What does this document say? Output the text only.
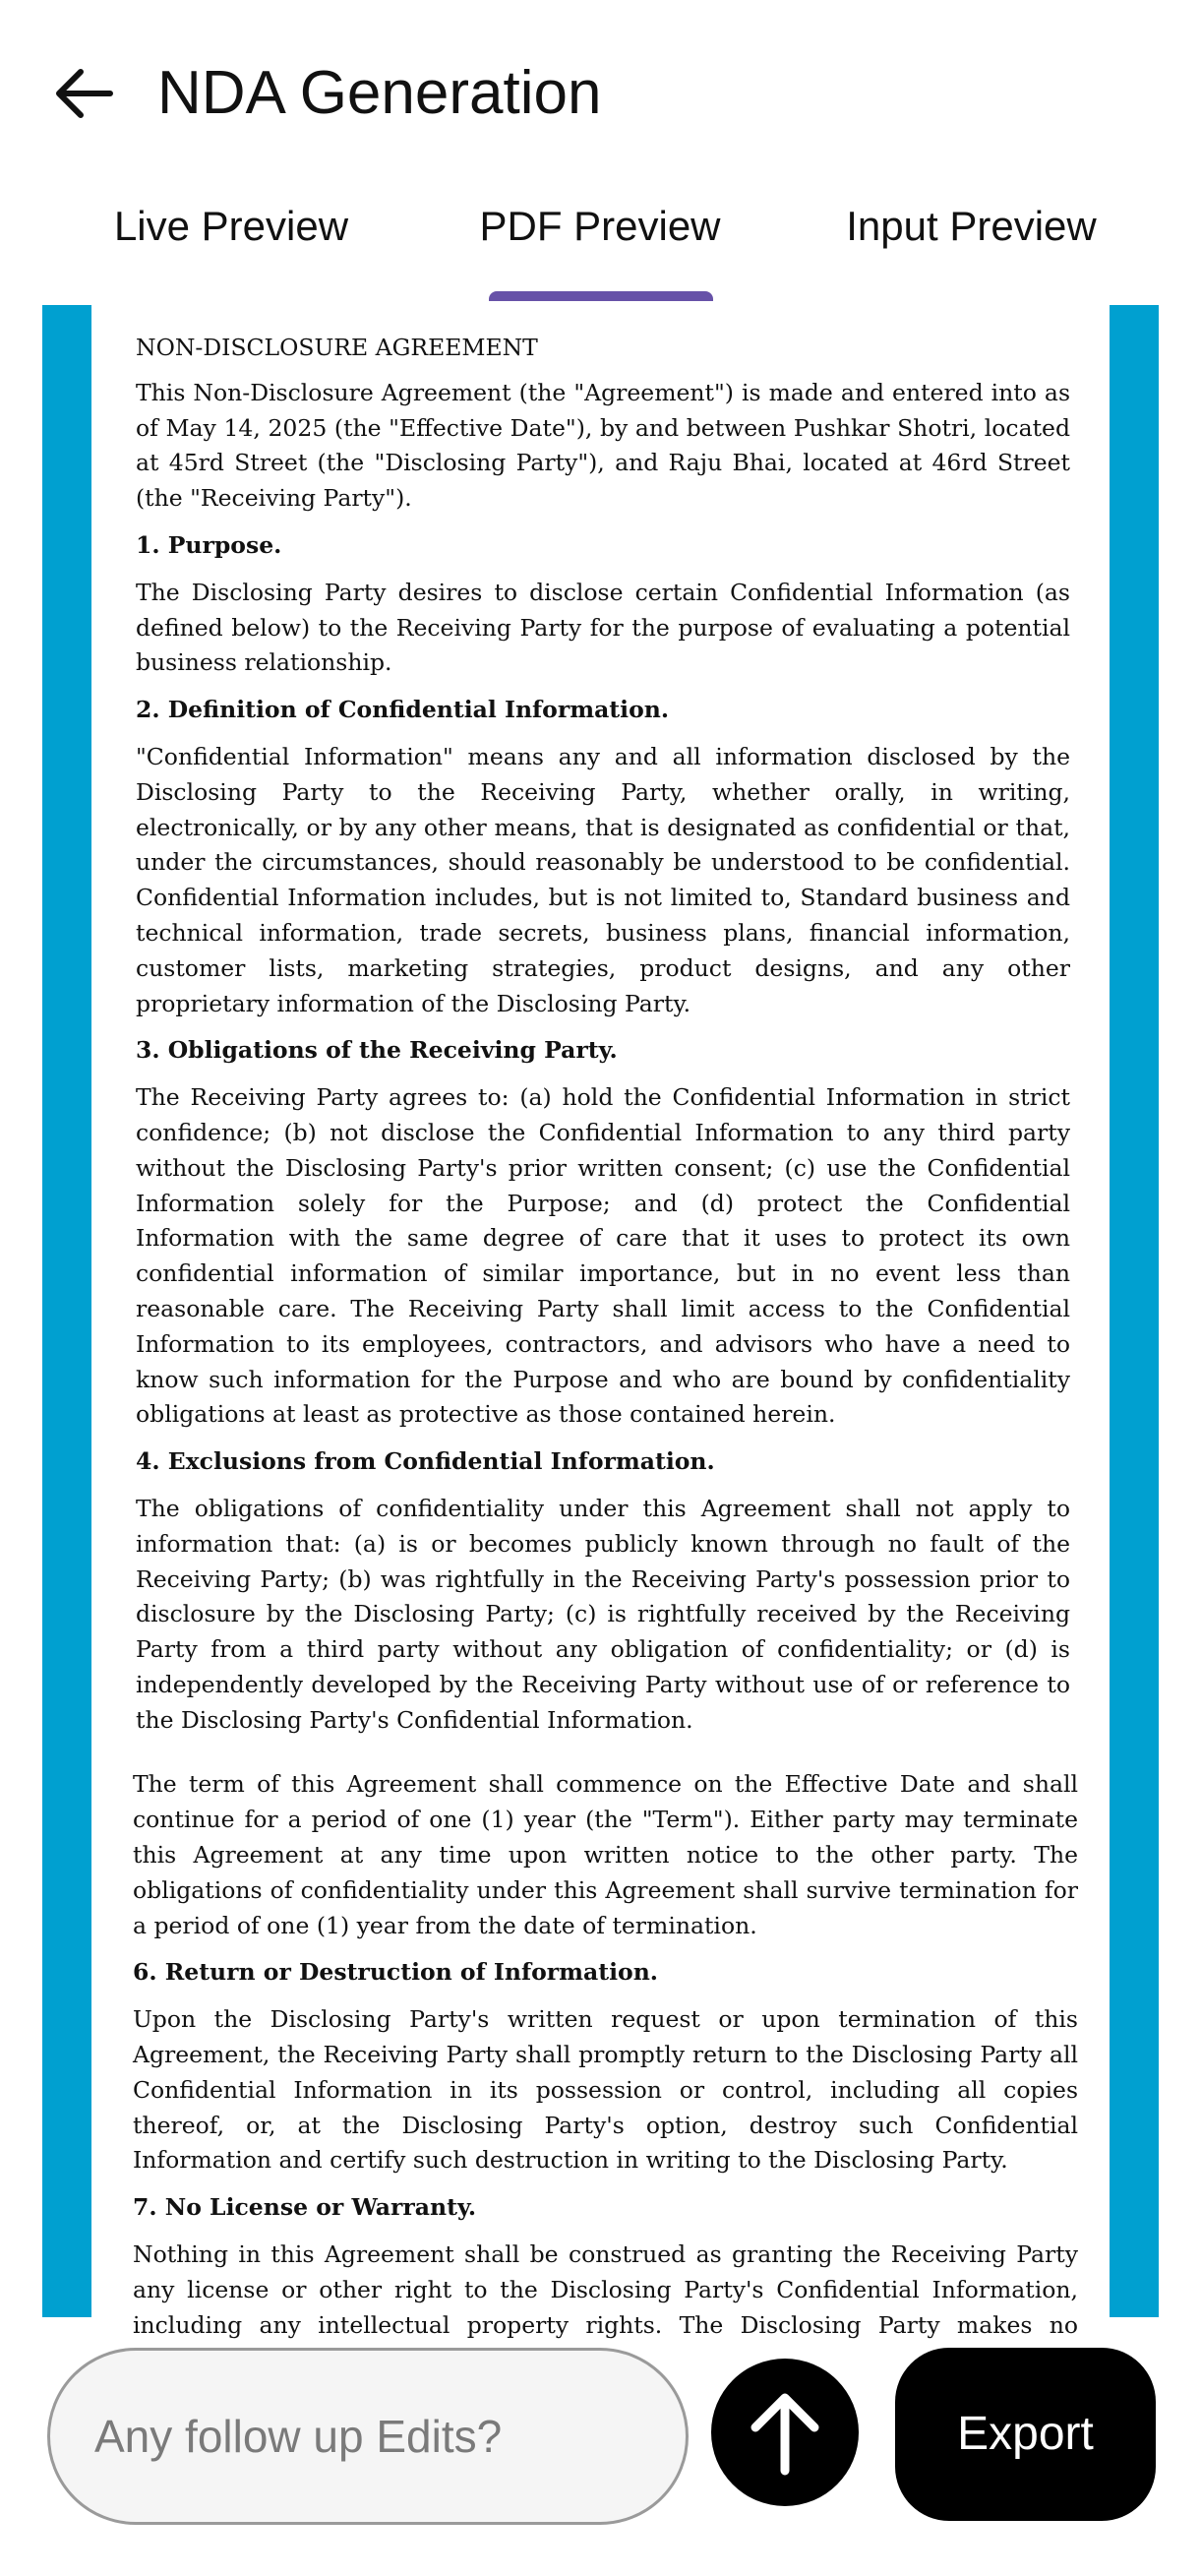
NDA Generation
Live Preview	PDF Preview	Input Preview
NON-DISCLOSURE AGREEMENT

This Non-Disclosure Agreement (the "Agreement") is made and entered into as of May 14, 2025 (the "Effective Date"), by and between Pushkar Shotri, located at 45rd Street (the "Disclosing Party"), and Raju Bhai, located at 46rd Street (the "Receiving Party").

1. Purpose.

The Disclosing Party desires to disclose certain Confidential Information (as defined below) to the Receiving Party for the purpose of evaluating a potential business relationship.

2. Definition of Confidential Information.

"Confidential Information" means any and all information disclosed by the Disclosing Party to the Receiving Party, whether orally, in writing, electronically, or by any other means, that is designated as confidential or that, under the circumstances, should reasonably be understood to be confidential. Confidential Information includes, but is not limited to, Standard business and technical information, trade secrets, business plans, financial information, customer lists, marketing strategies, product designs, and any other proprietary information of the Disclosing Party.

3. Obligations of the Receiving Party.

The Receiving Party agrees to: (a) hold the Confidential Information in strict confidence; (b) not disclose the Confidential Information to any third party without the Disclosing Party's prior written consent; (c) use the Confidential Information solely for the Purpose; and (d) protect the Confidential Information with the same degree of care that it uses to protect its own confidential information of similar importance, but in no event less than reasonable care. The Receiving Party shall limit access to the Confidential Information to its employees, contractors, and advisors who have a need to know such information for the Purpose and who are bound by confidentiality obligations at least as protective as those contained herein.

4. Exclusions from Confidential Information.

The obligations of confidentiality under this Agreement shall not apply to information that: (a) is or becomes publicly known through no fault of the Receiving Party; (b) was rightfully in the Receiving Party's possession prior to disclosure by the Disclosing Party; (c) is rightfully received by the Receiving Party from a third party without any obligation of confidentiality; or (d) is independently developed by the Receiving Party without use of or reference to the Disclosing Party's Confidential Information.

The term of this Agreement shall commence on the Effective Date and shall continue for a period of one (1) year (the "Term"). Either party may terminate this Agreement at any time upon written notice to the other party. The obligations of confidentiality under this Agreement shall survive termination for a period of one (1) year from the date of termination.

6. Return or Destruction of Information.

Upon the Disclosing Party's written request or upon termination of this Agreement, the Receiving Party shall promptly return to the Disclosing Party all Confidential Information in its possession or control, including all copies thereof, or, at the Disclosing Party's option, destroy such Confidential Information and certify such destruction in writing to the Disclosing Party.

7. No License or Warranty.

Nothing in this Agreement shall be construed as granting the Receiving Party any license or other right to the Disclosing Party's Confidential Information, including any intellectual property rights. The Disclosing Party makes no

Any follow up Edits?
Export
